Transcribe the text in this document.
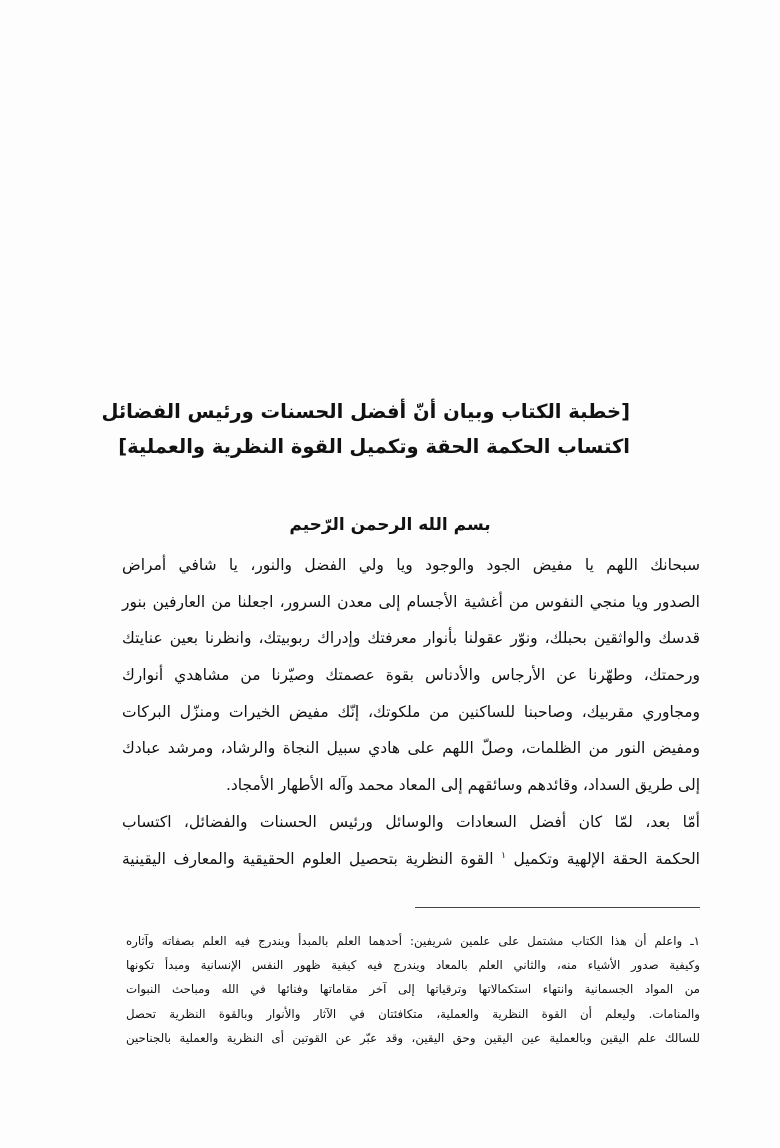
[خطبة الكتاب وبيان أنّ أفضل الحسنات ورئيس الفضائل
اكتساب الحكمة الحقة وتكميل القوة النظرية والعملية]
بسم الله الرحمن الرّحيم
سبحانك اللهم يا مفيض الجود والوجود ويا ولي الفضل والنور، يا شافي أمراض
الصدور ويا منجي النفوس من أغشية الأجسام إلى معدن السرور، اجعلنا من العارفين بنور
قدسك والواثقين بحبلك، ونوّر عقولنا بأنوار معرفتك وإدراك ربوبيتك، وانظرنا بعين عنايتك
ورحمتك، وطهّرنا عن الأرجاس والأدناس بقوة عصمتك وصيّرنا من مشاهدي أنوارك
ومجاوري مقربيك، وصاحبنا للساكنين من ملكوتك، إنّك مفيض الخيرات ومنزّل البركات
ومفيض النور من الظلمات، وصلّ اللهم على هادي سبيل النجاة والرشاد، ومرشد عبادك
إلى طريق السداد، وقائدهم وسائقهم إلى المعاد محمد وآله الأطهار الأمجاد.
أمّا بعد، لمّا كان أفضل السعادات والوسائل ورئيس الحسنات والفضائل، اكتساب
الحكمة الحقة الإلهية وتكميل $^١$ القوة النظرية بتحصيل العلوم الحقيقية والمعارف اليقينية
١ـ واعلم أن هذا الكتاب مشتمل على علمين شريفين: أحدهما العلم بالمبدأ ويندرج فيه العلم بصفاته وآثاره
وكيفية صدور الأشياء منه، والثاني العلم بالمعاد ويندرج فيه كيفية ظهور النفس الإنسانية ومبدأ تكونها
من المواد الجسمانية وانتهاء استكمالاتها وترقياتها إلى آخر مقاماتها وفنائها في الله ومباحث النبوات
والمنامات. وليعلم أن القوة النظرية والعملية، متكافئتان في الآثار والأنوار وبالقوة النظرية تحصل
للسالك علم اليقين وبالعملية عين اليقين وحق اليقين، وقد عبّر عن القوتين أى النظرية والعملية بالجناحين
